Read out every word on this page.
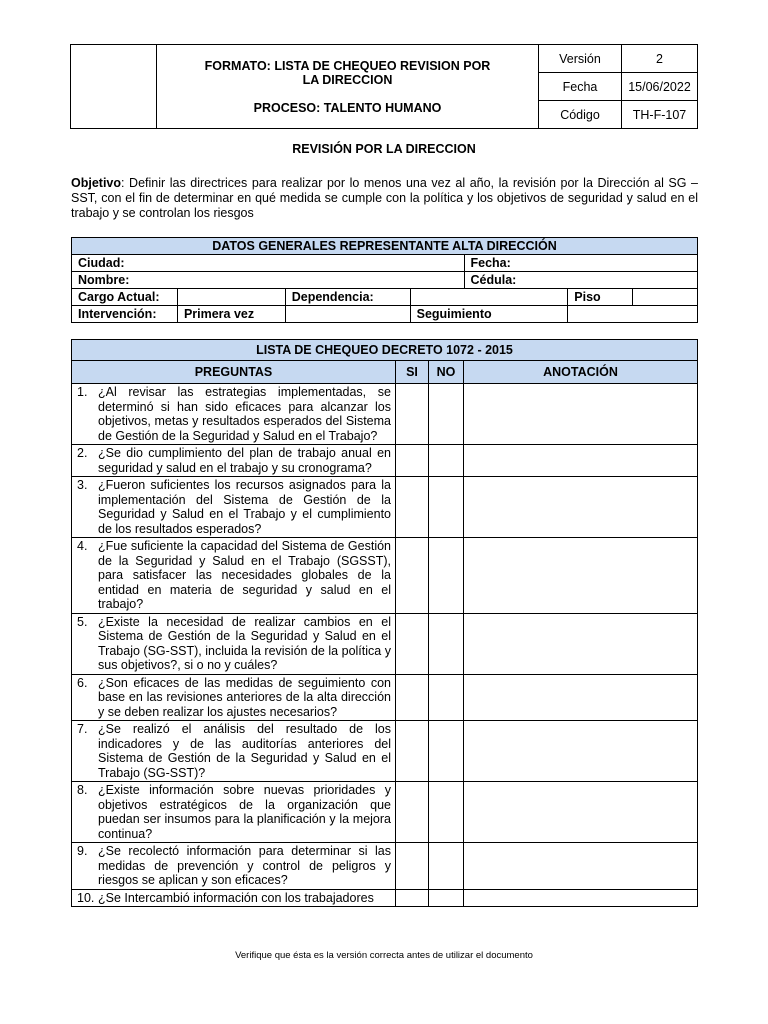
	FORMATO: LISTA DE CHEQUEO REVISION POR LA DIRECCION
PROCESO: TALENTO HUMANO	Versión	2
		Fecha	15/06/2022
		Código	TH-F-107
REVISIÓN POR LA DIRECCION
Objetivo: Definir las directrices para realizar por lo menos una vez al año, la revisión por la Dirección al SG – SST, con el fin de determinar en qué medida se cumple con la política y los objetivos de seguridad y salud en el trabajo y se controlan los riesgos
DATOS GENERALES REPRESENTANTE ALTA DIRECCIÓN						
Ciudad:				Fecha:		
Nombre:				Cédula:		
Cargo Actual:		Dependencia:			Piso	
Intervención:	Primera vez		Seguimiento			
LISTA DE CHEQUEO DECRETO 1072 - 2015			
PREGUNTAS	SI	NO	ANOTACIÓN

1. ¿Al revisar las estrategias implementadas, se determinó si han sido eficaces para alcanzar los objetivos, metas y resultados esperados del Sistema de Gestión de la Seguridad y Salud en el Trabajo?			

2. ¿Se dio cumplimiento del plan de trabajo anual en seguridad y salud en el trabajo y su cronograma?			

3. ¿Fueron suficientes los recursos asignados para la implementación del Sistema de Gestión de la Seguridad y Salud en el Trabajo y el cumplimiento de los resultados esperados?			

4. ¿Fue suficiente la capacidad del Sistema de Gestión de la Seguridad y Salud en el Trabajo (SGSST), para satisfacer las necesidades globales de la entidad en materia de seguridad y salud en el trabajo?			

5. ¿Existe la necesidad de realizar cambios en el Sistema de Gestión de la Seguridad y Salud en el Trabajo (SG-SST), incluida la revisión de la política y sus objetivos?, si o no y cuáles?			

6. ¿Son eficaces de las medidas de seguimiento con base en las revisiones anteriores de la alta dirección y se deben realizar los ajustes necesarios?			

7. ¿Se realizó el análisis del resultado de los indicadores y de las auditorías anteriores del Sistema de Gestión de la Seguridad y Salud en el Trabajo (SG-SST)?			

8. ¿Existe información sobre nuevas prioridades y objetivos estratégicos de la organización que puedan ser insumos para la planificación y la mejora continua?			

9. ¿Se recolectó información para determinar si las medidas de prevención y control de peligros y riesgos se aplican y son eficaces?			

10. ¿Se Intercambió información con los trabajadores			

Verifique que ésta es la versión correcta antes de utilizar el documento
